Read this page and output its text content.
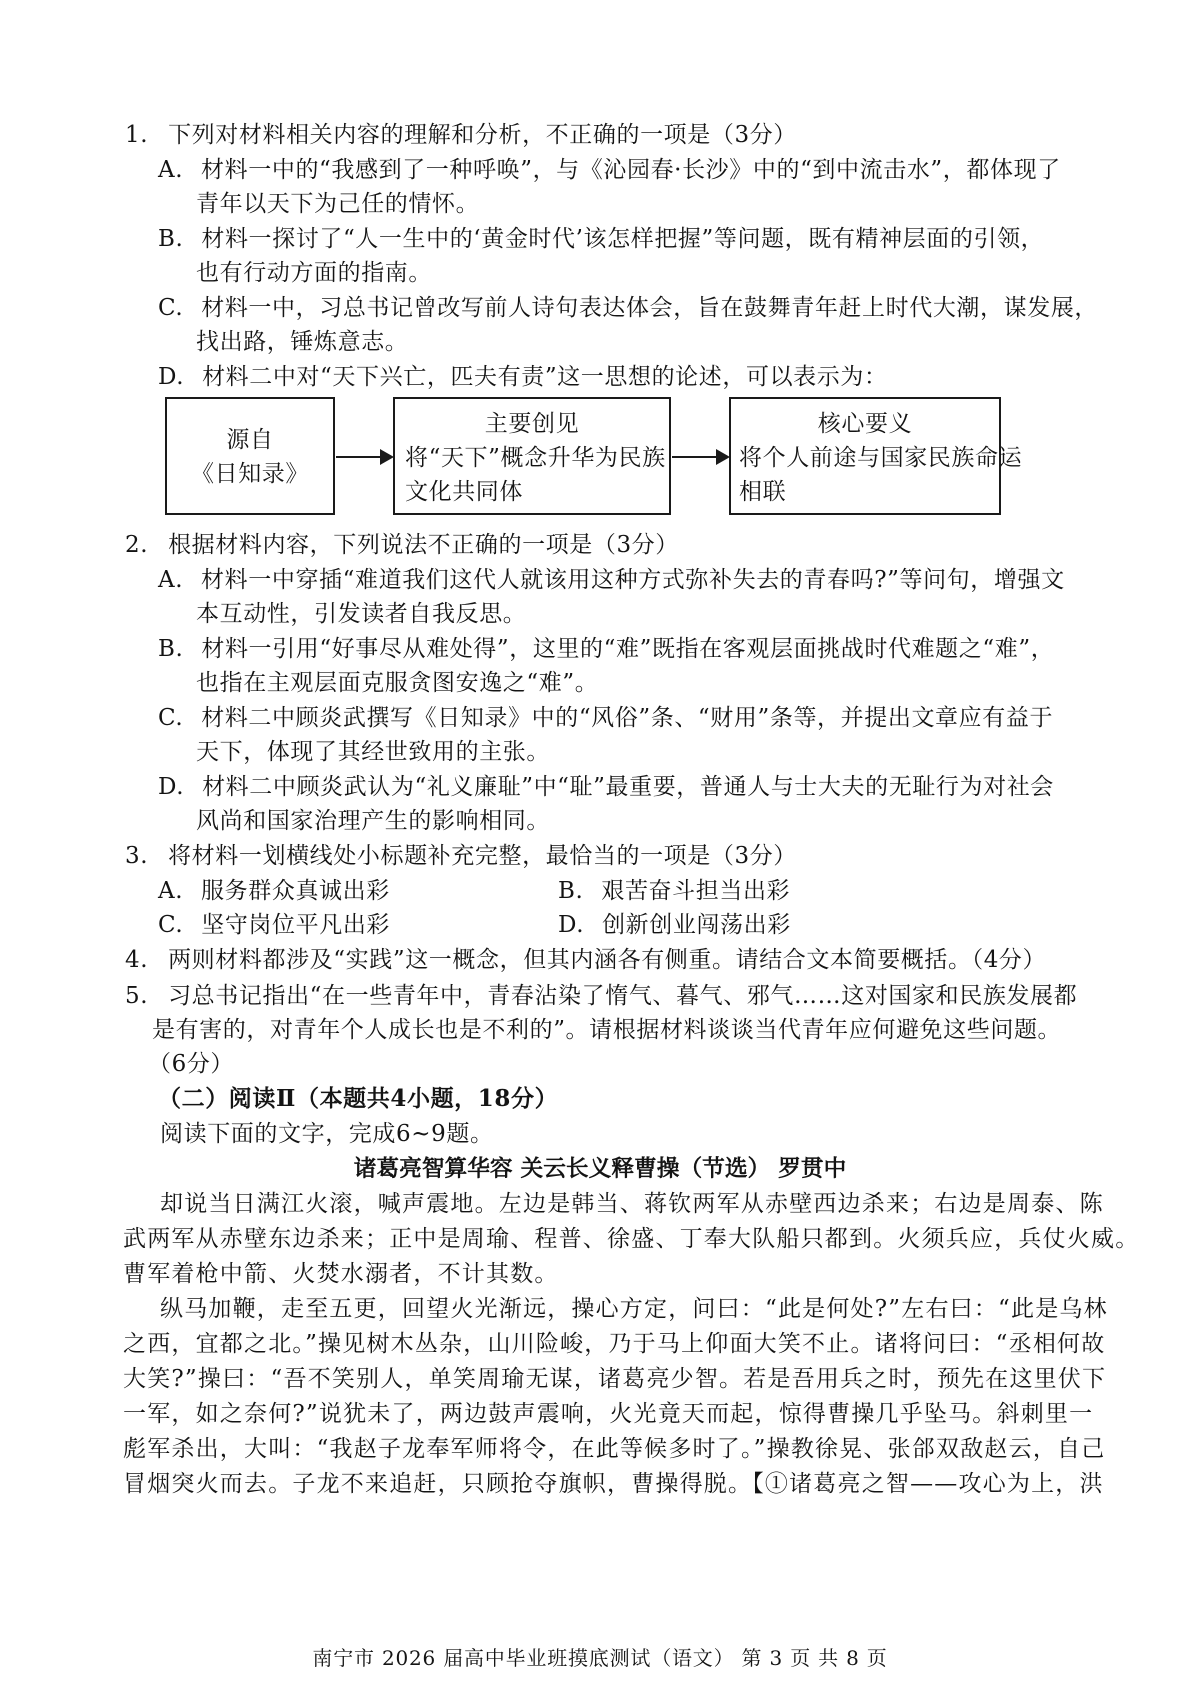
1. 下列对材料相关内容的理解和分析，不正确的一项是（3分）
A. 材料一中的“我感到了一种呼唤”，与《沁园春·长沙》中的“到中流击水”，都体现了
青年以天下为己任的情怀。
B. 材料一探讨了“人一生中的‘黄金时代’该怎样把握”等问题，既有精神层面的引领，
也有行动方面的指南。
C. 材料一中，习总书记曾改写前人诗句表达体会，旨在鼓舞青年赶上时代大潮，谋发展，
找出路，锤炼意志。
D. 材料二中对“天下兴亡，匹夫有责”这一思想的论述，可以表示为：
源自
《日知录》
主要创见
将“天下”概念升华为民族
文化共同体
核心要义
将个人前途与国家民族命运
相联
2. 根据材料内容，下列说法不正确的一项是（3分）
A. 材料一中穿插“难道我们这代人就该用这种方式弥补失去的青春吗?”等问句，增强文
本互动性，引发读者自我反思。
B. 材料一引用“好事尽从难处得”，这里的“难”既指在客观层面挑战时代难题之“难”，
也指在主观层面克服贪图安逸之“难”。
C. 材料二中顾炎武撰写《日知录》中的“风俗”条、“财用”条等，并提出文章应有益于
天下，体现了其经世致用的主张。
D. 材料二中顾炎武认为“礼义廉耻”中“耻”最重要，普通人与士大夫的无耻行为对社会
风尚和国家治理产生的影响相同。
3. 将材料一划横线处小标题补充完整，最恰当的一项是（3分）
A. 服务群众真诚出彩	B. 艰苦奋斗担当出彩
C. 坚守岗位平凡出彩	D. 创新创业闯荡出彩
4. 两则材料都涉及“实践”这一概念，但其内涵各有侧重。请结合文本简要概括。（4分）
5. 习总书记指出“在一些青年中，青春沾染了惰气、暮气、邪气……这对国家和民族发展都
是有害的，对青年个人成长也是不利的”。请根据材料谈谈当代青年应何避免这些问题。
（6分）
（二）阅读Ⅱ（本题共4小题，18分）
阅读下面的文字，完成6~9题。
诸葛亮智算华容 关云长义释曹操（节选） 罗贯中
却说当日满江火滚，喊声震地。左边是韩当、蒋钦两军从赤壁西边杀来；右边是周泰、陈
武两军从赤壁东边杀来；正中是周瑜、程普、徐盛、丁奉大队船只都到。火须兵应，兵仗火威。
曹军着枪中箭、火焚水溺者，不计其数。
纵马加鞭，走至五更，回望火光渐远，操心方定，问曰：“此是何处?”左右曰：“此是乌林
之西，宜都之北。”操见树木丛杂，山川险峻，乃于马上仰面大笑不止。诸将问曰：“丞相何故
大笑?”操曰：“吾不笑别人，单笑周瑜无谋，诸葛亮少智。若是吾用兵之时，预先在这里伏下
一军，如之奈何?”说犹未了，两边鼓声震响，火光竟天而起，惊得曹操几乎坠马。斜刺里一
彪军杀出，大叫：“我赵子龙奉军师将令，在此等候多时了。”操教徐晃、张郃双敌赵云，自己
冒烟突火而去。子龙不来追赶，只顾抢夺旗帜，曹操得脱。【①诸葛亮之智——攻心为上，洪
南宁市 2026 届高中毕业班摸底测试（语文） 第 3 页 共 8 页
